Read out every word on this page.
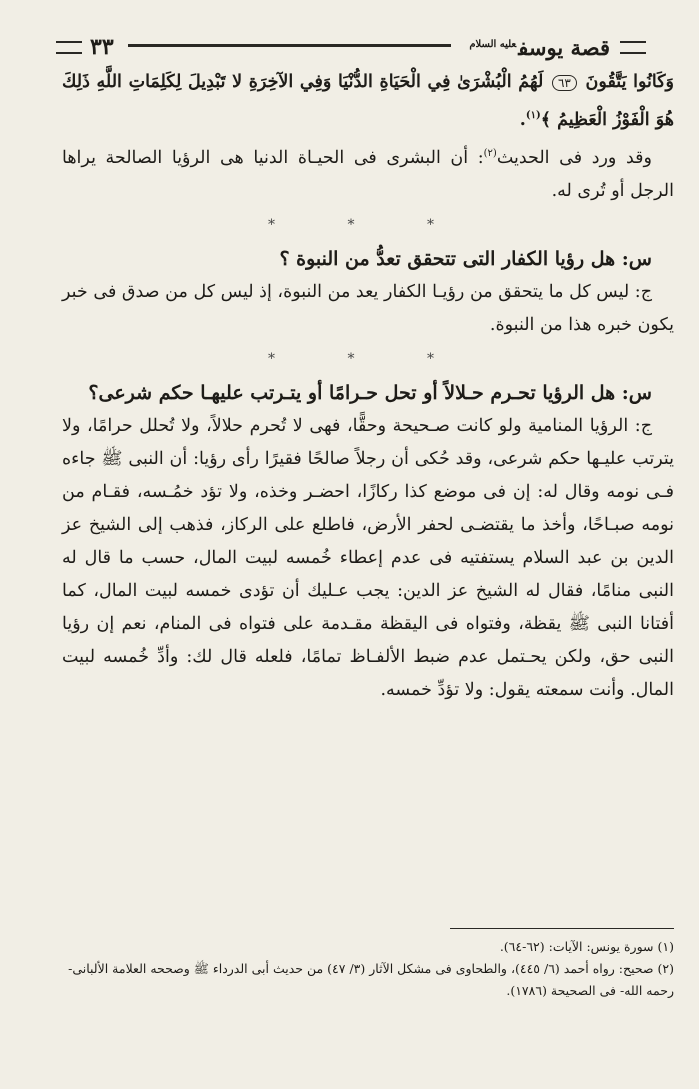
قصة يوسف$^{عليه السلام}$
٣٣

وَكَانُوا يَتَّقُونَ ٦٣ لَهُمُ الْبُشْرَىٰ فِي الْحَيَاةِ الدُّنْيَا وَفِي الآخِرَةِ لا تَبْدِيلَ لِكَلِمَاتِ اللَّهِ ذَلِكَ هُوَ الْفَوْزُ الْعَظِيمُ ﴾$^{(١)}$.

وقد ورد فى الحديث$^{(٢)}$: أن البشرى فى الحيـاة الدنيا هى الرؤيا الصالحة يراها الرجل أو تُرى له.

* * *

س: هل رؤيا الكفار التى تتحقق تعدُّ من النبوة ؟

ج: ليس كل ما يتحقق من رؤيـا الكفار يعد من النبوة، إذ ليس كل من صدق فى خبر يكون خبره هذا من النبوة.

* * *

س: هل الرؤيا تحـرم حـلالاً أو تحل حـرامًا أو يتـرتب عليهـا حكم شرعى؟

ج: الرؤيا المنامية ولو كانت صـحيحة وحقًّا، فهى لا تُحرم حلالاً، ولا تُحلل حرامًا، ولا يترتب عليـها حكم شرعى، وقد حُكى أن رجلاً صالحًا فقيرًا رأى رؤيا: أن النبى ﷺ جاءه فـى نومه وقال له: إن فى موضع كذا ركازًا، احضـر وخذه، ولا تؤد خمُـسه، فقـام من نومه صبـاحًا، وأخذ ما يقتضـى لحفر الأرض، فاطلع على الركاز، فذهب إلى الشيخ عز الدين بن عبد السلام يستفتيه فى عدم إعطاء خُمسه لبيت المال، حسب ما قال له النبى منامًا، فقال له الشيخ عز الدين: يجب عـليك أن تؤدى خمسه لبيت المال، كما أفتانا النبى ﷺ يقظة، وفتواه فى اليقظة مقـدمة على فتواه فى المنام، نعم إن رؤيا النبى حق، ولكن يحـتمل عدم ضبط الألفـاظ تمامًا، فلعله قال لك: وأدِّ خُمسه لبيت المال. وأنت سمعته يقول: ولا تؤدِّ خمسه.

(١) سورة يونس: الآيات: (٦٢-٦٤).

(٢) صحيح: رواه أحمد (٦/ ٤٤٥)، والطحاوى فى مشكل الآثار (٣/ ٤٧) من حديث أبى الدرداء ﷺ وصححه العلامة الألبانى-رحمه الله- فى الصحيحة (١٧٨٦).
